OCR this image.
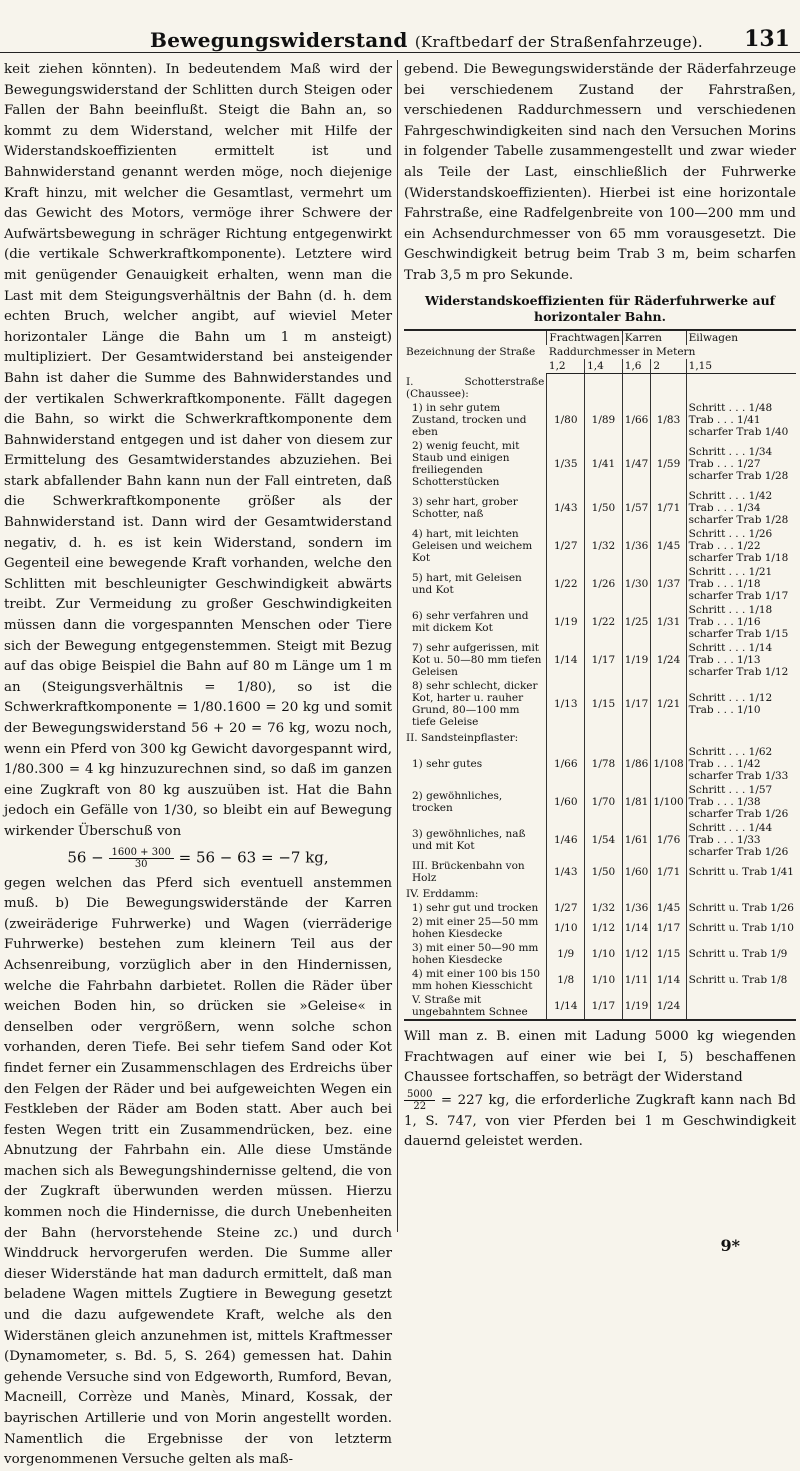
Bewegungswiderstand (Kraftbedarf der Straßenfahrzeuge). 131

keit ziehen könnten). In bedeutendem Maß wird der Bewegungswiderstand der Schlitten durch Steigen oder Fallen der Bahn beeinflußt. Steigt die Bahn an, so kommt zu dem Widerstand, welcher mit Hilfe der Widerstandskoeffizienten ermittelt ist und Bahnwiderstand genannt werden möge, noch diejenige Kraft hinzu, mit welcher die Gesamtlast, vermehrt um das Gewicht des Motors, vermöge ihrer Schwere der Aufwärtsbewegung in schräger Richtung entgegenwirkt (die vertikale Schwerkraftkomponente). Letztere wird mit genügender Genauigkeit erhalten, wenn man die Last mit dem Steigungsverhältnis der Bahn (d. h. dem echten Bruch, welcher angibt, auf wieviel Meter horizontaler Länge die Bahn um 1 m ansteigt) multipliziert. Der Gesamtwiderstand bei ansteigender Bahn ist daher die Summe des Bahnwiderstandes und der vertikalen Schwerkraftkomponente. Fällt dagegen die Bahn, so wirkt die Schwerkraftkomponente dem Bahnwiderstand entgegen und ist daher von diesem zur Ermittelung des Gesamtwiderstandes abzuziehen. Bei stark abfallender Bahn kann nun der Fall eintreten, daß die Schwerkraftkomponente größer als der Bahnwiderstand ist. Dann wird der Gesamtwiderstand negativ, d. h. es ist kein Widerstand, sondern im Gegenteil eine bewegende Kraft vorhanden, welche den Schlitten mit beschleunigter Geschwindigkeit abwärts treibt. Zur Vermeidung zu großer Geschwindigkeiten müssen dann die vorgespannten Menschen oder Tiere sich der Bewegung entgegenstemmen. Steigt mit Bezug auf das obige Beispiel die Bahn auf 80 m Länge um 1 m an (Steigungsverhältnis = 1/80), so ist die Schwerkraftkomponente = 1/80.1600 = 20 kg und somit der Bewegungswiderstand 56 + 20 = 76 kg, wozu noch, wenn ein Pferd von 300 kg Gewicht davorgespannt wird, 1/80.300 = 4 kg hinzuzurechnen sind, so daß im ganzen eine Zugkraft von 80 kg auszuüben ist. Hat die Bahn jedoch ein Gefälle von 1/30, so bleibt ein auf Bewegung wirkender Überschuß von

$56 - \frac{1600 + 300}{30} = 56 - 63 = -7$ kg,

gegen welchen das Pferd sich eventuell anstemmen muß. b) Die Bewegungswiderstände der Karren (zweiräderige Fuhrwerke) und Wagen (vierräderige Fuhrwerke) bestehen zum kleinern Teil aus der Achsenreibung, vorzüglich aber in den Hindernissen, welche die Fahrbahn darbietet. Rollen die Räder über weichen Boden hin, so drücken sie »Geleise« in denselben oder vergrößern, wenn solche schon vorhanden, deren Tiefe. Bei sehr tiefem Sand oder Kot findet ferner ein Zusammenschlagen des Erdreichs über den Felgen der Räder und bei aufgeweichten Wegen ein Festkleben der Räder am Boden statt. Aber auch bei festen Wegen tritt ein Zusammendrücken, bez. eine Abnutzung der Fahrbahn ein. Alle diese Umstände machen sich als Bewegungshindernisse geltend, die von der Zugkraft überwunden werden müssen. Hierzu kommen noch die Hindernisse, die durch Unebenheiten der Bahn (hervorstehende Steine zc.) und durch Winddruck hervorgerufen werden. Die Summe aller dieser Widerstände hat man dadurch ermittelt, daß man beladene Wagen mittels Zugtiere in Bewegung gesetzt und die dazu aufgewendete Kraft, welche als den Widerstänen gleich anzunehmen ist, mittels Kraftmesser (Dynamometer, s. Bd. 5, S. 264) gemessen hat. Dahin gehende Versuche sind von Edgeworth, Rumford, Bevan, Macneill, Corrèze und Manès, Minard, Kossak, der bayrischen Artillerie und von Morin angestellt worden. Namentlich die Ergebnisse der von letzterm vorgenommenen Versuche gelten als maß-

gebend. Die Bewegungswiderstände der Räderfahrzeuge bei verschiedenem Zustand der Fahrstraßen, verschiedenen Raddurchmessern und verschiedenen Fahrgeschwindigkeiten sind nach den Versuchen Morins in folgender Tabelle zusammengestellt und zwar wieder als Teile der Last, einschließlich der Fuhrwerke (Widerstandskoeffizienten). Hierbei ist eine horizontale Fahrstraße, eine Radfelgenbreite von 100—200 mm und ein Achsendurchmesser von 65 mm vorausgesetzt. Die Geschwindigkeit betrug beim Trab 3 m, beim scharfen Trab 3,5 m pro Sekunde.

Widerstandskoeffizienten für Räderfuhrwerke auf horizontaler Bahn.
Bezeichnung der Straße	Frachtwagen		Karren		Eilwagen
	Raddurchmesser in Metern				
	1,2	1,4	1,6	2	1,15
I. Schotterstraße (Chaussee):					
1) in sehr gutem Zustand, trocken und eben	1/80	1/89	1/66	1/83	Schritt . . . 1/48
Trab . . . 1/41
scharfer Trab 1/40

2) wenig feucht, mit Staub und einigen freiliegenden Schotterstücken	1/35	1/41	1/47	1/59	Schritt . . . 1/34
Trab . . . 1/27
scharfer Trab 1/28

3) sehr hart, grober Schotter, naß	1/43	1/50	1/57	1/71	Schritt . . . 1/42
Trab . . . 1/34
scharfer Trab 1/28

4) hart, mit leichten Geleisen und weichem Kot	1/27	1/32	1/36	1/45	Schritt . . . 1/26
Trab . . . 1/22
scharfer Trab 1/18

5) hart, mit Geleisen und Kot	1/22	1/26	1/30	1/37	Schritt . . . 1/21
Trab . . . 1/18
scharfer Trab 1/17

6) sehr verfahren und mit dickem Kot	1/19	1/22	1/25	1/31	Schritt . . . 1/18
Trab . . . 1/16
scharfer Trab 1/15

7) sehr aufgerissen, mit Kot u. 50—80 mm tiefen Geleisen	1/14	1/17	1/19	1/24	Schritt . . . 1/14
Trab . . . 1/13
scharfer Trab 1/12

8) sehr schlecht, dicker Kot, harter u. rauher Grund, 80—100 mm tiefe Geleise	1/13	1/15	1/17	1/21	Schritt . . . 1/12
Trab . . . 1/10

II. Sandsteinpflaster:					
1) sehr gutes	1/66	1/78	1/86	1/108	Schritt . . . 1/62
Trab . . . 1/42
scharfer Trab 1/33

2) gewöhnliches, trocken	1/60	1/70	1/81	1/100	Schritt . . . 1/57
Trab . . . 1/38
scharfer Trab 1/26

3) gewöhnliches, naß und mit Kot	1/46	1/54	1/61	1/76	Schritt . . . 1/44
Trab . . . 1/33
scharfer Trab 1/26

III. Brückenbahn von Holz	1/43	1/50	1/60	1/71	Schritt u. Trab 1/41

IV. Erddamm:					
1) sehr gut und trocken	1/27	1/32	1/36	1/45	Schritt u. Trab 1/26

2) mit einer 25—50 mm hohen Kiesdecke	1/10	1/12	1/14	1/17	Schritt u. Trab 1/10

3) mit einer 50—90 mm hohen Kiesdecke	1/9	1/10	1/12	1/15	Schritt u. Trab 1/9

4) mit einer 100 bis 150 mm hohen Kiesschicht	1/8	1/10	1/11	1/14	Schritt u. Trab 1/8

V. Straße mit ungebahntem Schnee	1/14	1/17	1/19	1/24	

Will man z. B. einen mit Ladung 5000 kg wiegenden Frachtwagen auf einer wie bei I, 5) beschaffenen Chaussee fortschaffen, so beträgt der Widerstand

$\frac{5000}{22} = 227$ kg, die erforderliche Zugkraft kann nach Bd 1, S. 747, von vier Pferden bei 1 m Geschwindigkeit dauernd geleistet werden.

9*
